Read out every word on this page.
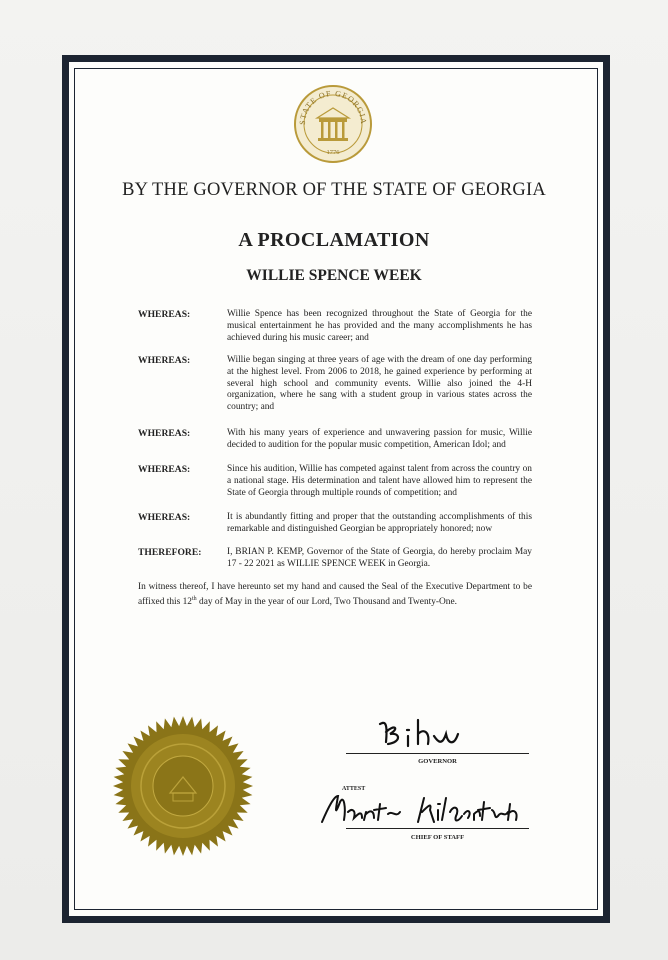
STATE OF GEORGIA
1776
BY THE GOVERNOR OF THE STATE OF GEORGIA
A PROCLAMATION
WILLIE SPENCE WEEK
WHEREAS:	Willie Spence has been recognized throughout the State of Georgia for the musical entertainment he has provided and the many accomplishments he has achieved during his music career; and
WHEREAS:	Willie began singing at three years of age with the dream of one day performing at the highest level. From 2006 to 2018, he gained experience by performing at several high school and community events. Willie also joined the 4-H organization, where he sang with a student group in various states across the country; and
WHEREAS:	With his many years of experience and unwavering passion for music, Willie decided to audition for the popular music competition, American Idol; and
WHEREAS:	Since his audition, Willie has competed against talent from across the country on a national stage. His determination and talent have allowed him to represent the State of Georgia through multiple rounds of competition; and
WHEREAS:	It is abundantly fitting and proper that the outstanding accomplishments of this remarkable and distinguished Georgian be appropriately honored; now
THEREFORE:	I, BRIAN P. KEMP, Governor of the State of Georgia, do hereby proclaim May 17 - 22 2021 as WILLIE SPENCE WEEK in Georgia.
In witness thereof, I have hereunto set my hand and caused the Seal of the Executive Department to be affixed this 12th day of May in the year of our Lord, Two Thousand and Twenty-One.
GOVERNOR
ATTEST
CHIEF OF STAFF
